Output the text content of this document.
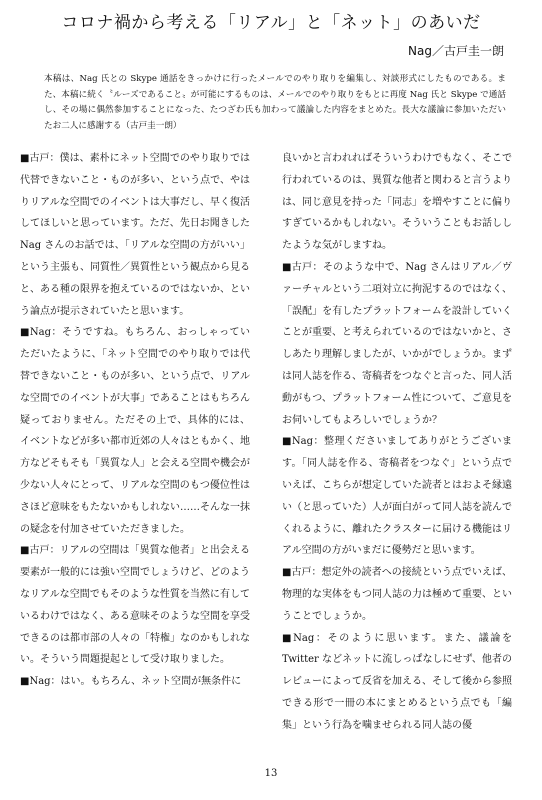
コロナ禍から考える「リアル」と「ネット」のあいだ
Nag／古戸圭一朗
本稿は、Nag 氏との Skype 通話をきっかけに行ったメールでのやり取りを編集し、対談形式にしたものである。また、本稿に続く〝ルーズであること〟が可能にするものは、メールでのやり取りをもとに再度 Nag 氏と Skype で通話し、その場に偶然参加することになった、たつざわ氏も加わって議論した内容をまとめた。長大な議論に参加いただいたお二人に感謝する（古戸圭一朗）

■古戸：僕は、素朴にネット空間でのやり取りでは代替できないこと・ものが多い、という点で、やはりリアルな空間でのイベントは大事だし、早く復活してほしいと思っています。ただ、先日お聞きした Nag さんのお話では、「リアルな空間の方がいい」という主張も、同質性／異質性という観点から見ると、ある種の限界を抱えているのではないか、という論点が提示されていたと思います。

■Nag：そうですね。もちろん、おっしゃっていただいたように、「ネット空間でのやり取りでは代替できないこと・ものが多い、という点で、リアルな空間でのイベントが大事」であることはもちろん疑っておりません。ただその上で、具体的には、イベントなどが多い都市近郊の人々はともかく、地方などそもそも「異質な人」と会える空間や機会が少ない人々にとって、リアルな空間のもつ優位性はさほど意味をもたないかもしれない……そんな一抹の疑念を付加させていただきました。

■古戸：リアルの空間は「異質な他者」と出会える要素が一般的には強い空間でしょうけど、どのようなリアルな空間でもそのような性質を当然に有しているわけではなく、ある意味そのような空間を享受できるのは都市部の人々の「特権」なのかもしれない。そういう問題提起として受け取りました。

■Nag：はい。もちろん、ネット空間が無条件に

良いかと言われればそういうわけでもなく、そこで行われているのは、異質な他者と関わると言うよりは、同じ意見を持った「同志」を増やすことに偏りすぎているかもしれない。そういうこともお話ししたような気がしますね。

■古戸：そのような中で、Nag さんはリアル／ヴァーチャルという二項対立に拘泥するのではなく、「誤配」を有したプラットフォームを設計していくことが重要、と考えられているのではないかと、さしあたり理解しましたが、いかがでしょうか。まずは同人誌を作る、寄稿者をつなぐと言った、同人活動がもつ、プラットフォーム性について、ご意見をお伺いしてもよろしいでしょうか？

■Nag：整理くださいましてありがとうございます。「同人誌を作る、寄稿者をつなぐ」という点でいえば、こちらが想定していた読者とはおよそ縁遠い（と思っていた）人が面白がって同人誌を読んでくれるように、離れたクラスターに届ける機能はリアル空間の方がいまだに優勢だと思います。

■古戸：想定外の読者への接続という点でいえば、物理的な実体をもつ同人誌の力は極めて重要、ということでしょうか。

■Nag：そのように思います。また、議論を Twitter などネットに流しっぱなしにせず、他者のレビューによって反省を加える、そして後から参照できる形で一冊の本にまとめるという点でも「編集」という行為を噛ませられる同人誌の優

13
